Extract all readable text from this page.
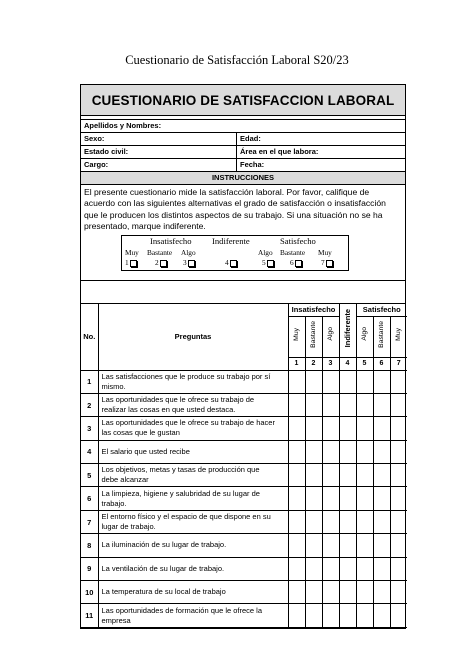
Cuestionario de Satisfacción Laboral S20/23
CUESTIONARIO DE SATISFACCION LABORAL
Apellidos y Nombres:
Sexo:	Edad:
Estado civil:	Área en el que labora:
Cargo:	Fecha:
INSTRUCCIONES
El presente cuestionario mide la satisfacción laboral. Por favor, califique de acuerdo con las siguientes alternativas el grado de satisfacción o insatisfacción que le producen los distintos aspectos de su trabajo. Si una situación no se ha presentado, marque indiferente.
Insatisfecho Indiferente	Satisfecho
Muy Bastante Algo	Algo Bastante Muy
1	2	3	4	5	6	7
No.	Preguntas	Insatisfecho			Indiferente	Satisfecho		
		Muy	Bastante	Algo		Algo	Bastante	Muy
		1	2	3	4	5	6	7
1	Las satisfacciones que le produce su trabajo por sí
mismo.							

2	Las oportunidades que le ofrece su trabajo de
realizar las cosas en que usted destaca.							

3	Las oportunidades que le ofrece su trabajo de hacer
las cosas que le gustan							

4	El salario que usted recibe							

5	Los objetivos, metas y tasas de producción que
debe alcanzar							

6	La limpieza, higiene y salubridad de su lugar de
trabajo.							

7	El entorno físico y el espacio de que dispone en su
lugar de trabajo.							

8	La iluminación de su lugar de trabajo.							

9	La ventilación de su lugar de trabajo.							

10	La temperatura de su local de trabajo							

11	Las oportunidades de formación que le ofrece la
empresa							
